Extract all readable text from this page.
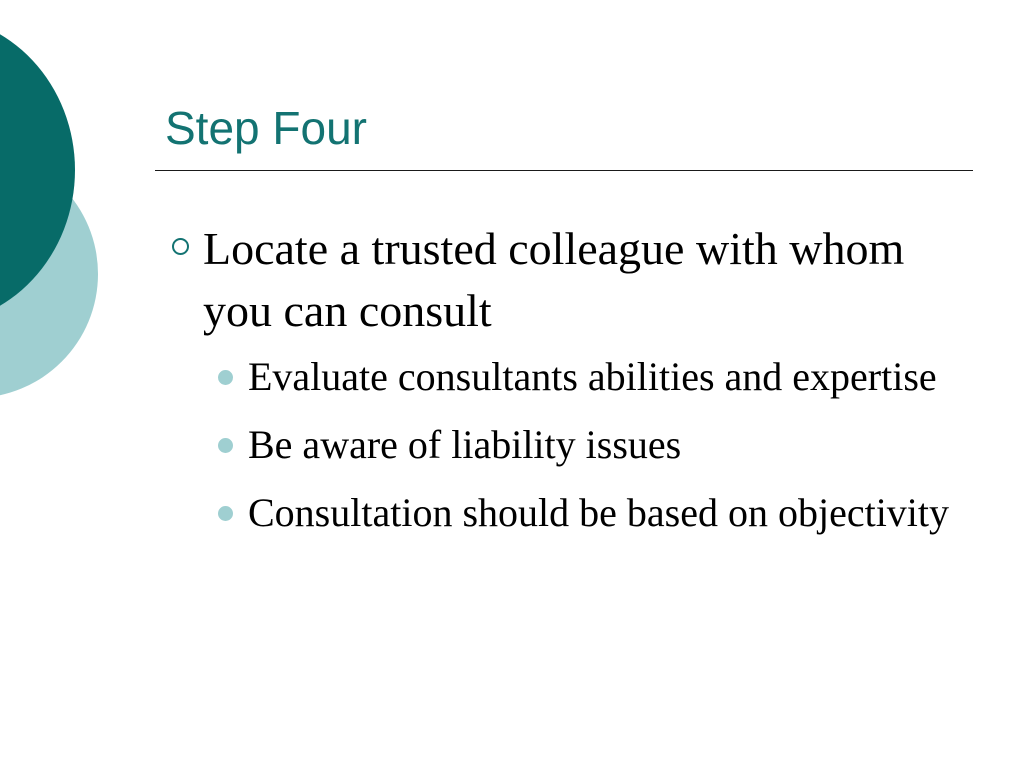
Step Four
Locate a trusted colleague with whom you can consult
Evaluate consultants abilities and expertise
Be aware of liability issues
Consultation should be based on objectivity
